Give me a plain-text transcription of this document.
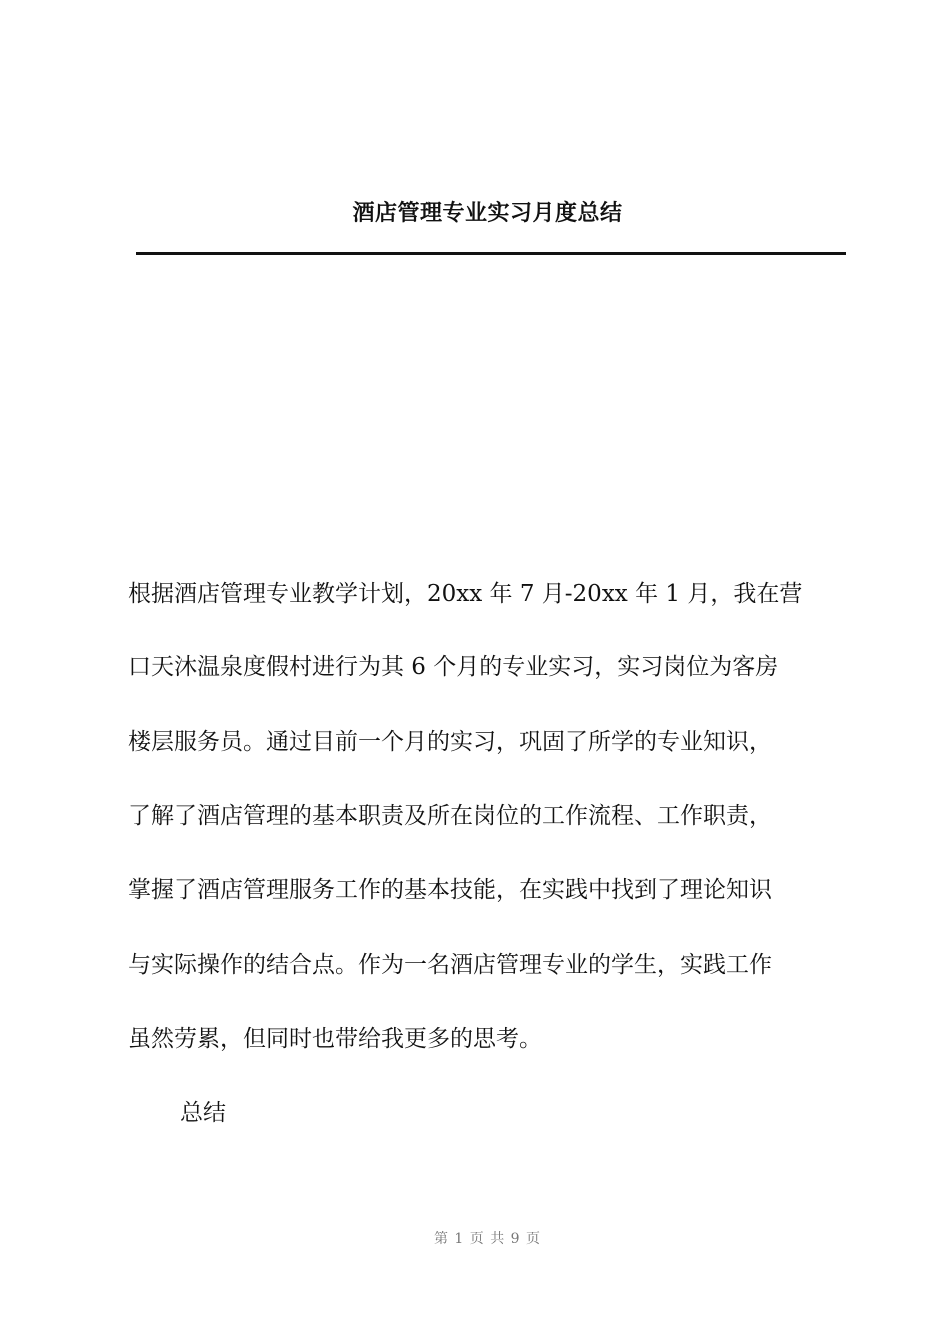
酒店管理专业实习月度总结
根据酒店管理专业教学计划，20xx 年 7 月-20xx 年 1 月，我在营
口天沐温泉度假村进行为其 6 个月的专业实习，实习岗位为客房
楼层服务员。通过目前一个月的实习，巩固了所学的专业知识，
了解了酒店管理的基本职责及所在岗位的工作流程、工作职责，
掌握了酒店管理服务工作的基本技能，在实践中找到了理论知识
与实际操作的结合点。作为一名酒店管理专业的学生，实践工作
虽然劳累，但同时也带给我更多的思考。
总结
第 1 页 共 9 页
